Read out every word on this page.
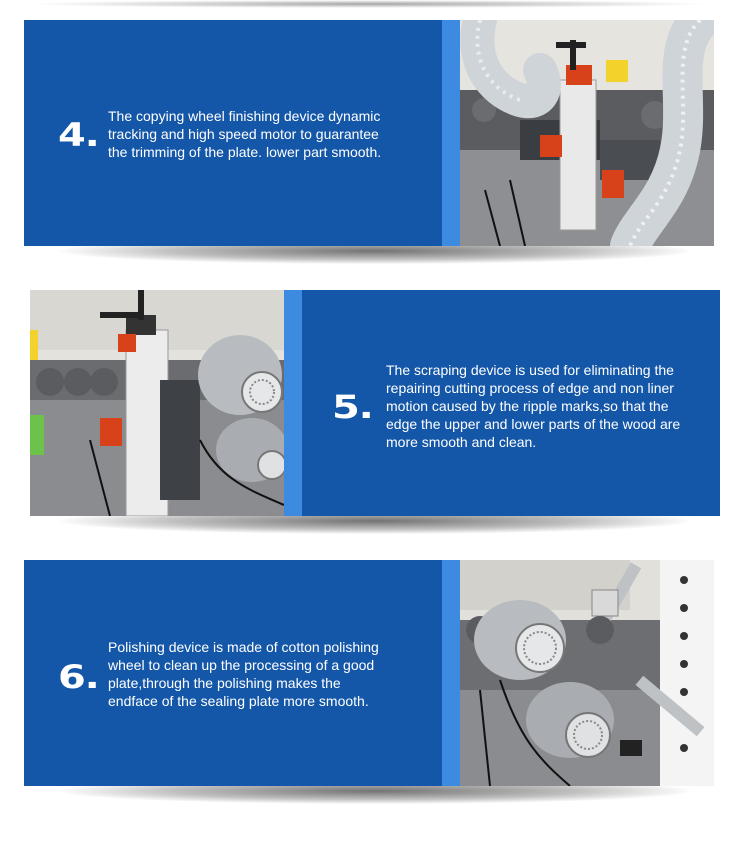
4. The copying wheel finishing device dynamic
tracking and high speed motor to guarantee
the trimming of the plate. lower part smooth.
5.
The scraping device is used for eliminating the
repairing cutting process of edge and non liner
motion caused by the ripple marks,so that the
edge the upper and lower parts of the wood are
more smooth and clean.
6.
Polishing device is made of cotton polishing
wheel to clean up the processing of a good
plate,through the polishing makes the
endface of the sealing plate more smooth.
